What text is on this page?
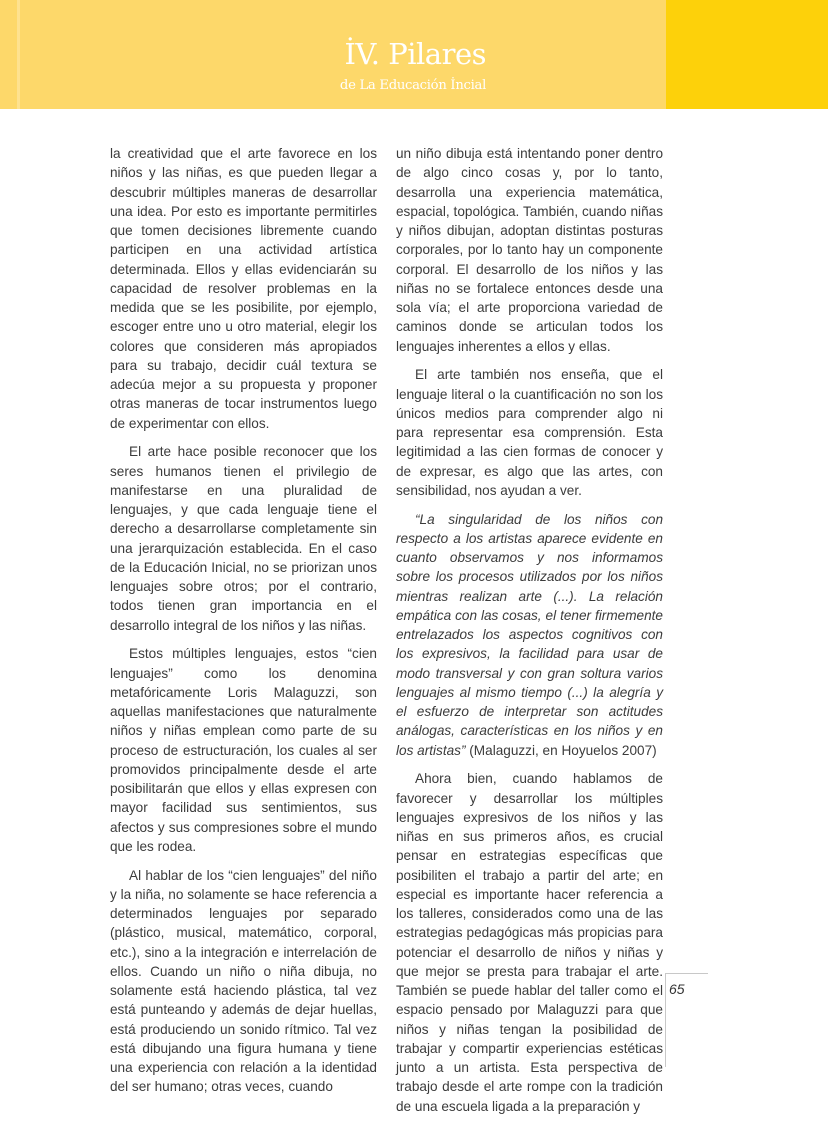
İV. Pilares
de La Educación İncial

la creatividad que el arte favorece en los niños y las niñas, es que pueden llegar a descubrir múltiples maneras de desarrollar una idea. Por esto es importante permitirles que tomen decisiones libremente cuando participen en una actividad artística determinada. Ellos y ellas evidenciarán su capacidad de resolver problemas en la medida que se les posibilite, por ejemplo, escoger entre uno u otro material, elegir los colores que consideren más apropiados para su trabajo, decidir cuál textura se adecúa mejor a su propuesta y proponer otras maneras de tocar instrumentos luego de experimentar con ellos.

El arte hace posible reconocer que los seres humanos tienen el privilegio de manifestarse en una pluralidad de lenguajes, y que cada lenguaje tiene el derecho a desarrollarse completamente sin una jerarquización establecida. En el caso de la Educación Inicial, no se priorizan unos lenguajes sobre otros; por el contrario, todos tienen gran importancia en el desarrollo integral de los niños y las niñas.

Estos múltiples lenguajes, estos “cien lenguajes” como los denomina metafóricamente Loris Malaguzzi, son aquellas manifestaciones que naturalmente niños y niñas emplean como parte de su proceso de estructuración, los cuales al ser promovidos principalmente desde el arte posibilitarán que ellos y ellas expresen con mayor facilidad sus sentimientos, sus afectos y sus compresiones sobre el mundo que les rodea.

Al hablar de los “cien lenguajes” del niño y la niña, no solamente se hace referencia a determinados lenguajes por separado (plástico, musical, matemático, corporal, etc.), sino a la integración e interrelación de ellos. Cuando un niño o niña dibuja, no solamente está haciendo plástica, tal vez está punteando y además de dejar huellas, está produciendo un sonido rítmico. Tal vez está dibujando una figura humana y tiene una experiencia con relación a la identidad del ser humano; otras veces, cuando

un niño dibuja está intentando poner dentro de algo cinco cosas y, por lo tanto, desarrolla una experiencia matemática, espacial, topológica. También, cuando niñas y niños dibujan, adoptan distintas posturas corporales, por lo tanto hay un componente corporal. El desarrollo de los niños y las niñas no se fortalece entonces desde una sola vía; el arte proporciona variedad de caminos donde se articulan todos los lenguajes inherentes a ellos y ellas.

El arte también nos enseña, que el lenguaje literal o la cuantificación no son los únicos medios para comprender algo ni para representar esa comprensión. Esta legitimidad a las cien formas de conocer y de expresar, es algo que las artes, con sensibilidad, nos ayudan a ver.

“La singularidad de los niños con respecto a los artistas aparece evidente en cuanto observamos y nos informamos sobre los procesos utilizados por los niños mientras realizan arte (...). La relación empática con las cosas, el tener firmemente entrelazados los aspectos cognitivos con los expresivos, la facilidad para usar de modo transversal y con gran soltura varios lenguajes al mismo tiempo (...) la alegría y el esfuerzo de interpretar son actitudes análogas, características en los niños y en los artistas” (Malaguzzi, en Hoyuelos 2007)

Ahora bien, cuando hablamos de favorecer y desarrollar los múltiples lenguajes expresivos de los niños y las niñas en sus primeros años, es crucial pensar en estrategias específicas que posibiliten el trabajo a partir del arte; en especial es importante hacer referencia a los talleres, considerados como una de las estrategias pedagógicas más propicias para potenciar el desarrollo de niños y niñas y que mejor se presta para trabajar el arte. También se puede hablar del taller como el espacio pensado por Malaguzzi para que niños y niñas tengan la posibilidad de trabajar y compartir experiencias estéticas junto a un artista. Esta perspectiva de trabajo desde el arte rompe con la tradición de una escuela ligada a la preparación y

65
